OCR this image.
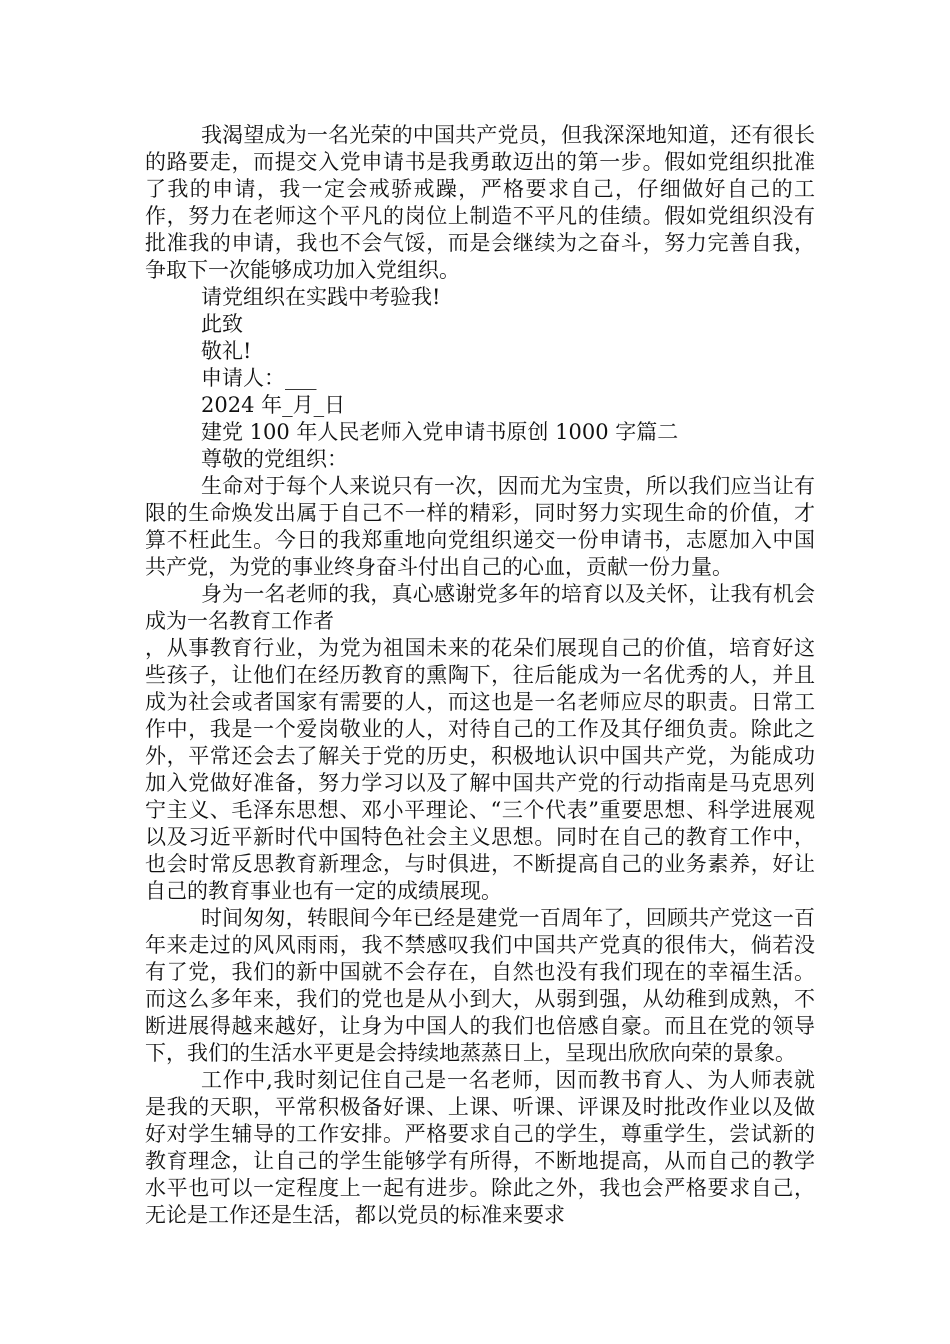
我渴望成为一名光荣的中国共产党员，但我深深地知道，还有很长的路要走，而提交入党申请书是我勇敢迈出的第一步。假如党组织批准了我的申请，我一定会戒骄戒躁，严格要求自己，仔细做好自己的工作，努力在老师这个平凡的岗位上制造不平凡的佳绩。假如党组织没有批准我的申请，我也不会气馁，而是会继续为之奋斗，努力完善自我，争取下一次能够成功加入党组织。

请党组织在实践中考验我!

此致

敬礼!

申请人：___

2024 年_月_日

建党 100 年人民老师入党申请书原创 1000 字篇二

尊敬的党组织：

生命对于每个人来说只有一次，因而尤为宝贵，所以我们应当让有限的生命焕发出属于自己不一样的精彩，同时努力实现生命的价值，才算不枉此生。今日的我郑重地向党组织递交一份申请书，志愿加入中国共产党，为党的事业终身奋斗付出自己的心血，贡献一份力量。

身为一名老师的我，真心感谢党多年的培育以及关怀，让我有机会成为一名教育工作者

，从事教育行业，为党为祖国未来的花朵们展现自己的价值，培育好这些孩子，让他们在经历教育的熏陶下，往后能成为一名优秀的人，并且成为社会或者国家有需要的人，而这也是一名老师应尽的职责。日常工作中，我是一个爱岗敬业的人，对待自己的工作及其仔细负责。除此之外，平常还会去了解关于党的历史，积极地认识中国共产党，为能成功加入党做好准备，努力学习以及了解中国共产党的行动指南是马克思列宁主义、毛泽东思想、邓小平理论、“三个代表”重要思想、科学进展观以及习近平新时代中国特色社会主义思想。同时在自己的教育工作中，也会时常反思教育新理念，与时俱进，不断提高自己的业务素养，好让自己的教育事业也有一定的成绩展现。

时间匆匆，转眼间今年已经是建党一百周年了，回顾共产党这一百年来走过的风风雨雨，我不禁感叹我们中国共产党真的很伟大，倘若没有了党，我们的新中国就不会存在，自然也没有我们现在的幸福生活。而这么多年来，我们的党也是从小到大，从弱到强，从幼稚到成熟，不断进展得越来越好，让身为中国人的我们也倍感自豪。而且在党的领导下，我们的生活水平更是会持续地蒸蒸日上，呈现出欣欣向荣的景象。

工作中,我时刻记住自己是一名老师，因而教书育人、为人师表就是我的天职，平常积极备好课、上课、听课、评课及时批改作业以及做好对学生辅导的工作安排。严格要求自己的学生，尊重学生，尝试新的教育理念，让自己的学生能够学有所得，不断地提高，从而自己的教学水平也可以一定程度上一起有进步。除此之外，我也会严格要求自己，无论是工作还是生活，都以党员的标准来要求
